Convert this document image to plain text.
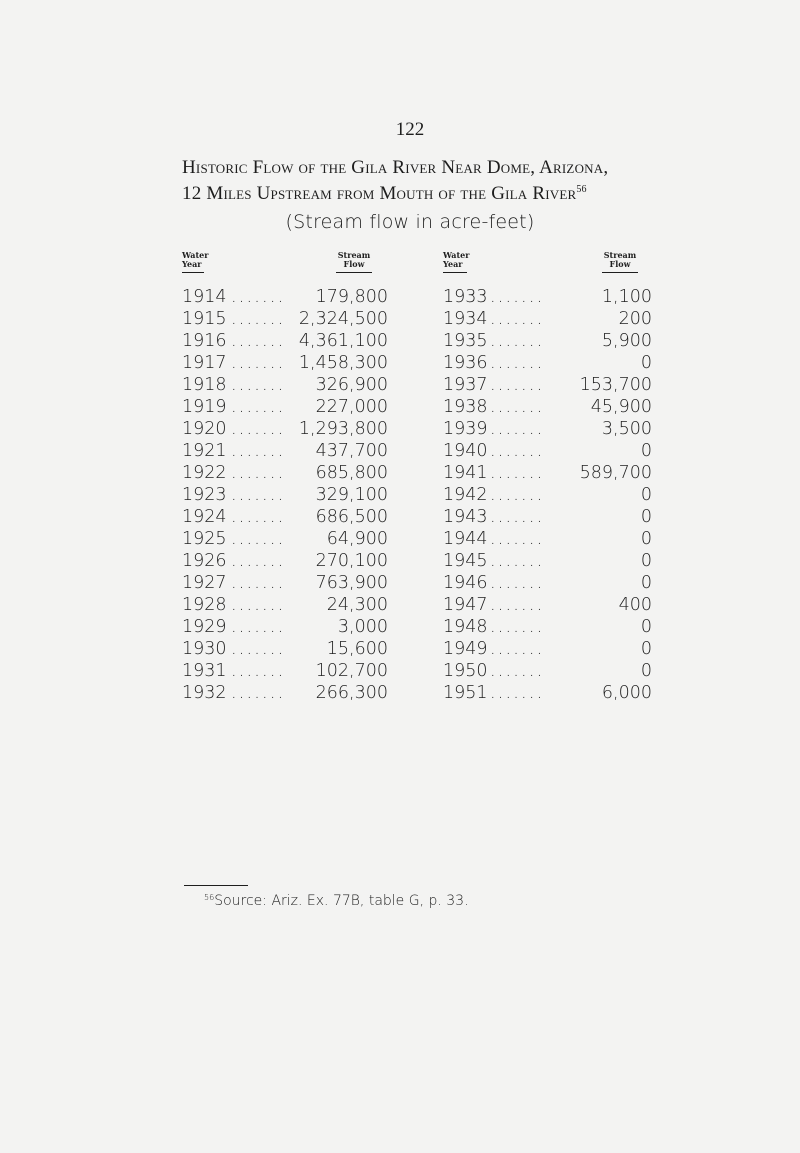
122
Historic Flow of the Gila River Near Dome, Arizona,
12 Miles Upstream from Mouth of the Gila River$^{56}$
(Stream flow in acre-feet)
Water
Year
Stream
Flow
Water
Year
Stream
Flow
1914 ....... 179,800	1933 .......	1,100
1915 ....... 2,324,500	1934 .......	200
1916 ....... 4,361,100	1935 .......	5,900
1917 ....... 1,458,300	1936 .......	0
1918 ....... 326,900	1937 ....... 153,700
1919 ....... 227,000	1938 .......	45,900
1920 ....... 1,293,800	1939 .......	3,500
1921 ....... 437,700	1940 .......	0
1922 ....... 685,800	1941 ....... 589,700
1923 ....... 329,100	1942 .......	0
1924 ....... 686,500	1943 .......	0
1925 ....... 64,900	1944 .......	0
1926 ....... 270,100	1945 .......	0
1927 ....... 763,900	1946 .......	0
1928 ....... 24,300	1947 .......	400
1929 .......	3,000	1948 .......	0
1930 ....... 15,600	1949 .......	0
1931 ....... 102,700	1950 .......	0
1932 ....... 266,300	1951 .......	6,000
$^{56}$Source: Ariz. Ex. 77B, table G, p. 33.
